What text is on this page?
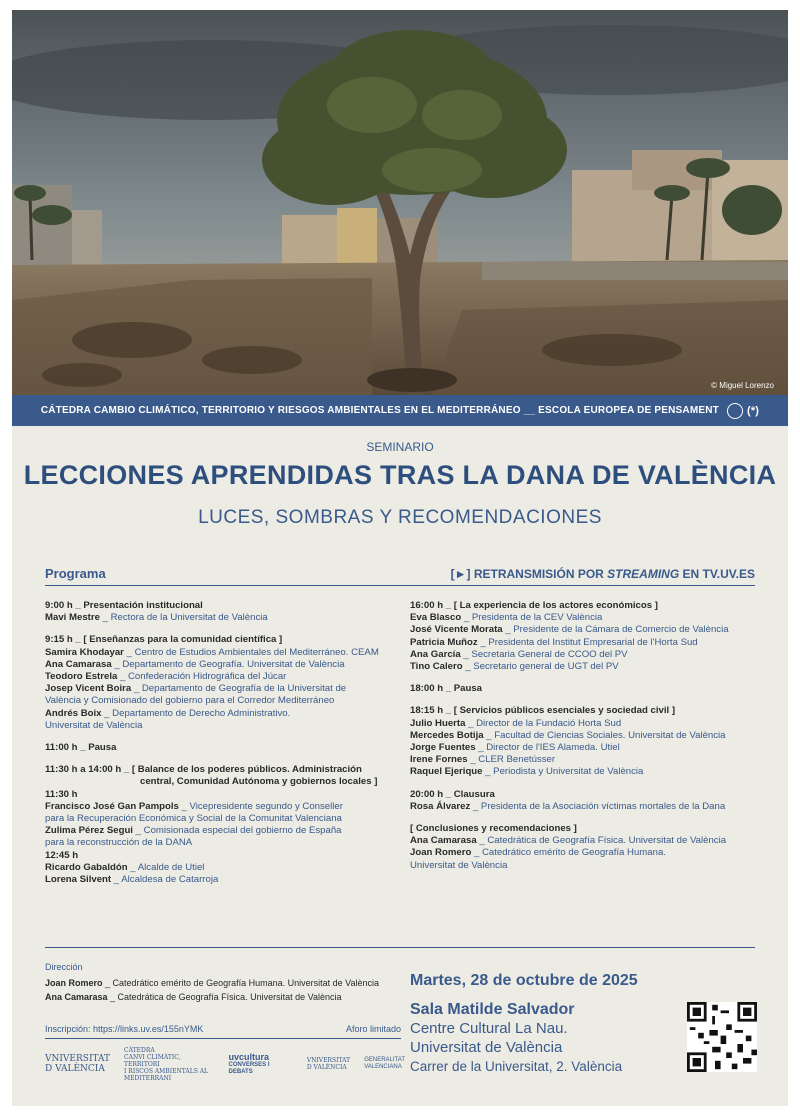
© Miguel Lorenzo
CÁTEDRA CAMBIO CLIMÁTICO, TERRITORIO Y RIESGOS AMBIENTALES EN EL MEDITERRÁNEO __ ESCOLA EUROPEA DE PENSAMENT	(*)
SEMINARIO
LECCIONES APRENDIDAS TRAS LA DANA DE VALÈNCIA
LUCES, SOMBRAS Y RECOMENDACIONES
Programa	[►] RETRANSMISIÓN POR STREAMING EN TV.UV.ES
9:00 h _ Presentación institucional
Mavi Mestre _ Rectora de la Universitat de València
9:15 h _ [ Enseñanzas para la comunidad científica ]
Samira Khodayar _ Centro de Estudios Ambientales del Mediterráneo. CEAM
Ana Camarasa _ Departamento de Geografía. Universitat de València
Teodoro Estrela _ Confederación Hidrográfica del Júcar
Josep Vicent Boira _ Departamento de Geografía de la Universitat de
València y Comisionado del gobierno para el Corredor Mediterráneo
Andrés Boix _ Departamento de Derecho Administrativo.
Universitat de València
11:00 h _ Pausa
11:30 h a 14:00 h _ [ Balance de los poderes públicos. Administración
central, Comunidad Autónoma y gobiernos locales ]
11:30 h
Francisco José Gan Pampols _ Vicepresidente segundo y Conseller
para la Recuperación Económica y Social de la Comunitat Valenciana
Zulima Pérez Segui _ Comisionada especial del gobierno de España
para la reconstrucción de la DANA
12:45 h
Ricardo Gabaldón _ Alcalde de Utiel
Lorena Silvent _ Alcaldesa de Catarroja
16:00 h _ [ La experiencia de los actores económicos ]
Eva Blasco _ Presidenta de la CEV València
José Vicente Morata _ Presidente de la Cámara de Comercio de València
Patricia Muñoz _ Presidenta del Institut Empresarial de l'Horta Sud
Ana García _ Secretaria General de CCOO del PV
Tino Calero _ Secretario general de UGT del PV
18:00 h _ Pausa
18:15 h _ [ Servicios públicos esenciales y sociedad civil ]
Julio Huerta _ Director de la Fundació Horta Sud
Mercedes Botija _ Facultad de Ciencias Sociales. Universitat de València
Jorge Fuentes _ Director de l'IES Alameda. Utiel
Irene Fornes _ CLER Benetússer
Raquel Ejerique _ Periodista y Universitat de València
20:00 h _ Clausura
Rosa Álvarez _ Presidenta de la Asociación víctimas mortales de la Dana
[ Conclusiones y recomendaciones ]
Ana Camarasa _ Catedrática de Geografía Física. Universitat de València
Joan Romero _ Catedrático emérito de Geografía Humana.
Universitat de València
Dirección
Joan Romero _ Catedrático emérito de Geografía Humana. Universitat de València
Ana Camarasa _ Catedrática de Geografía Física. Universitat de València
Inscripción: https://links.uv.es/155nYMK	Aforo limitado
VNIVERSITAT
D VALÈNCIA
CÀTEDRA
CANVI CLIMÀTIC, TERRITORI
I RISCOS AMBIENTALS AL
MEDITERRANI
uvcultura
CONVERSES I DEBATS
VNIVERSITAT
D VALÈNCIA
GENERALITAT
VALENCIANA
Martes, 28 de octubre de 2025
Sala Matilde Salvador
Centre Cultural La Nau.
Universitat de València
Carrer de la Universitat, 2. València
